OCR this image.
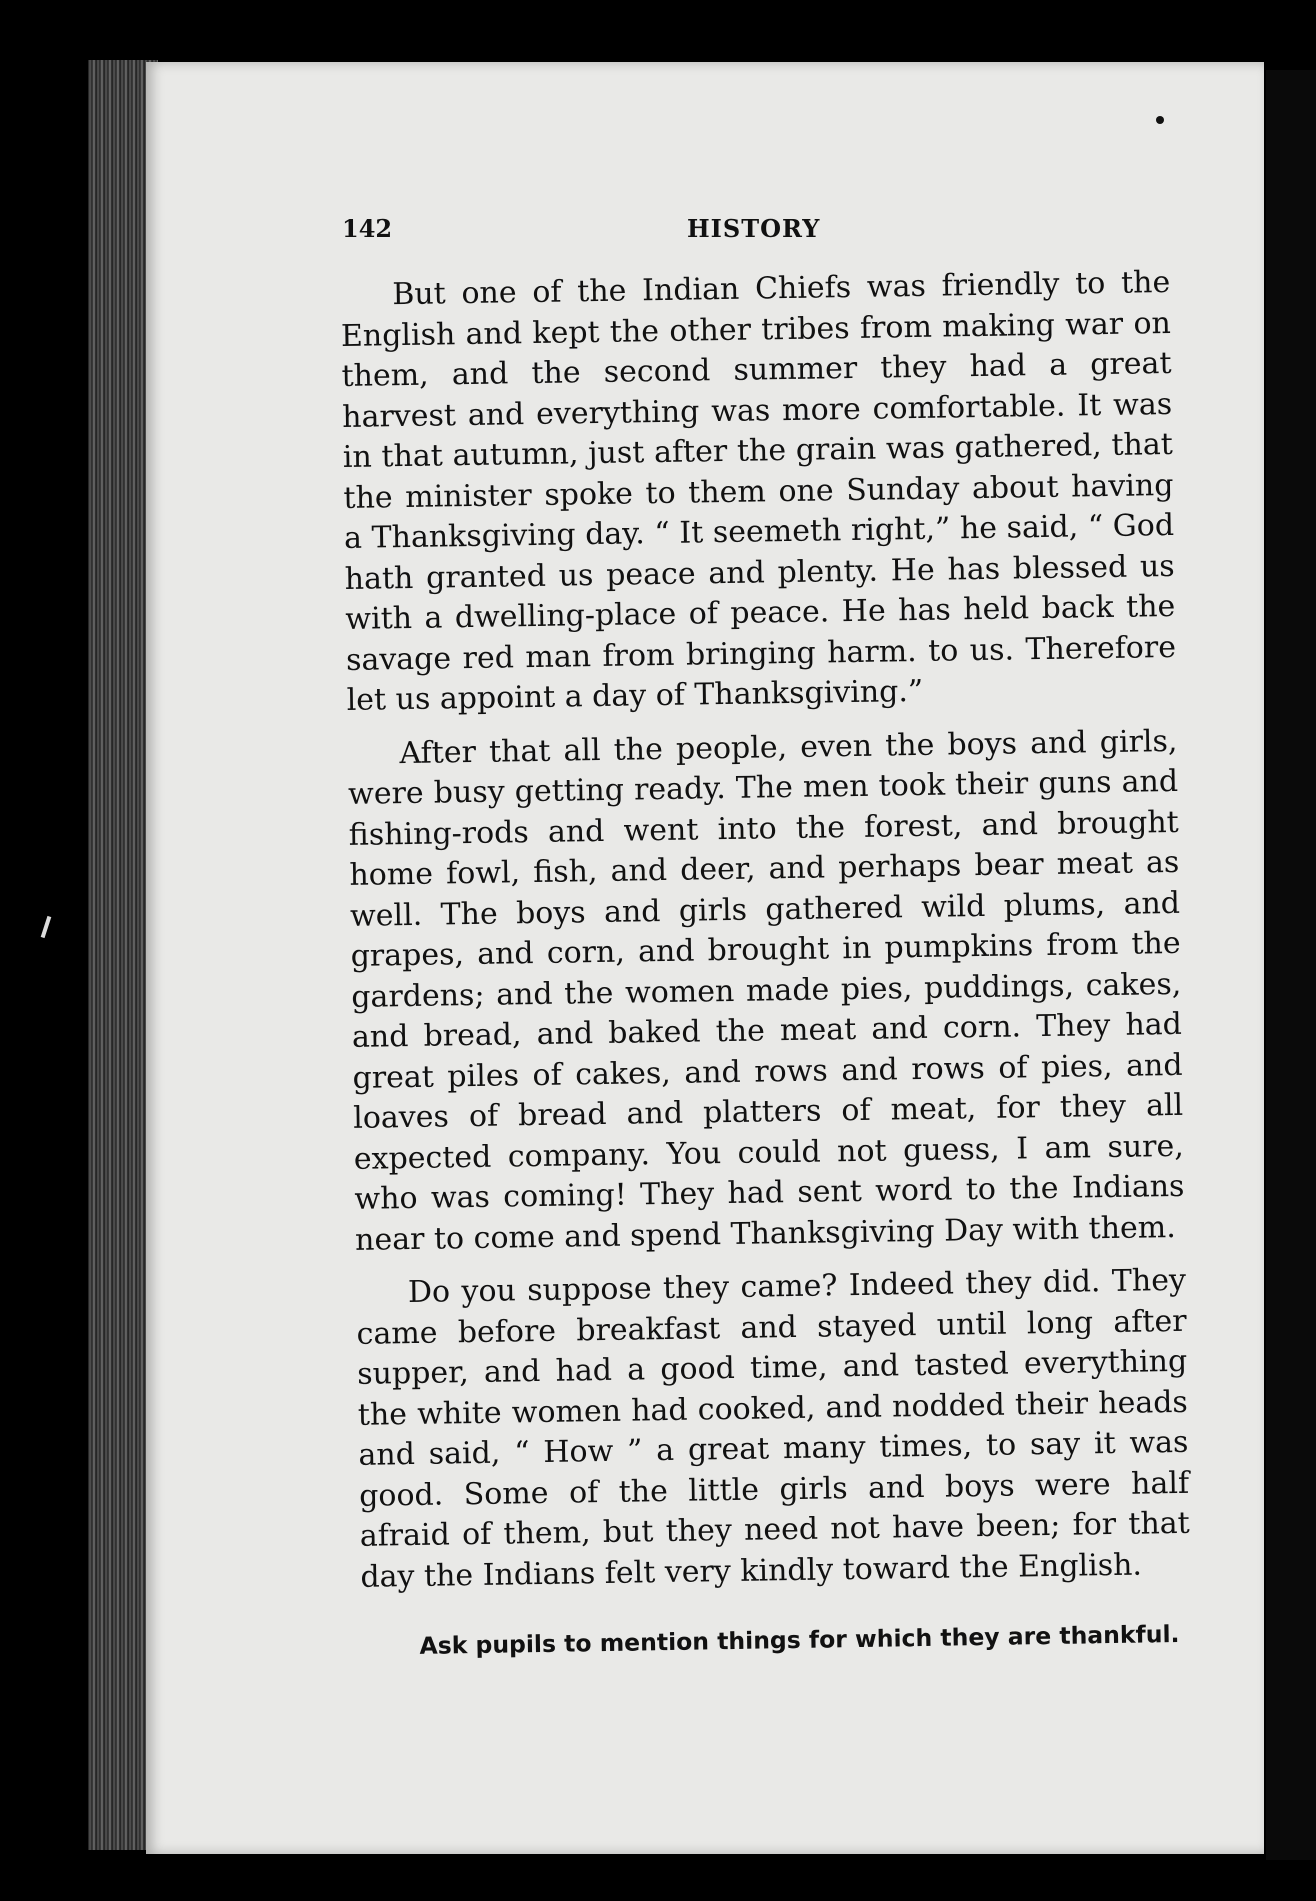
142	HISTORY

But one of the Indian Chiefs was friendly to the English and kept the other tribes from making war on them, and the second summer they had a great harvest and everything was more comfortable. It was in that autumn, just after the grain was gathered, that the minister spoke to them one Sunday about having a Thanksgiving day. “ It seemeth right,” he said, “ God hath granted us peace and plenty. He has blessed us with a dwelling-place of peace. He has held back the savage red man from bringing harm. to us. Therefore let us appoint a day of Thanksgiving.”

After that all the people, even the boys and girls, were busy getting ready. The men took their guns and fishing-rods and went into the forest, and brought home fowl, fish, and deer, and perhaps bear meat as well. The boys and girls gathered wild plums, and grapes, and corn, and brought in pumpkins from the gardens; and the women made pies, puddings, cakes, and bread, and baked the meat and corn. They had great piles of cakes, and rows and rows of pies, and loaves of bread and platters of meat, for they all expected company. You could not guess, I am sure, who was coming! They had sent word to the Indians near to come and spend Thanksgiving Day with them.

Do you suppose they came? Indeed they did. They came before breakfast and stayed until long after supper, and had a good time, and tasted everything the white women had cooked, and nodded their heads and said, “ How ” a great many times, to say it was good. Some of the little girls and boys were half afraid of them, but they need not have been; for that day the Indians felt very kindly toward the English.

Ask pupils to mention things for which they are thankful.
